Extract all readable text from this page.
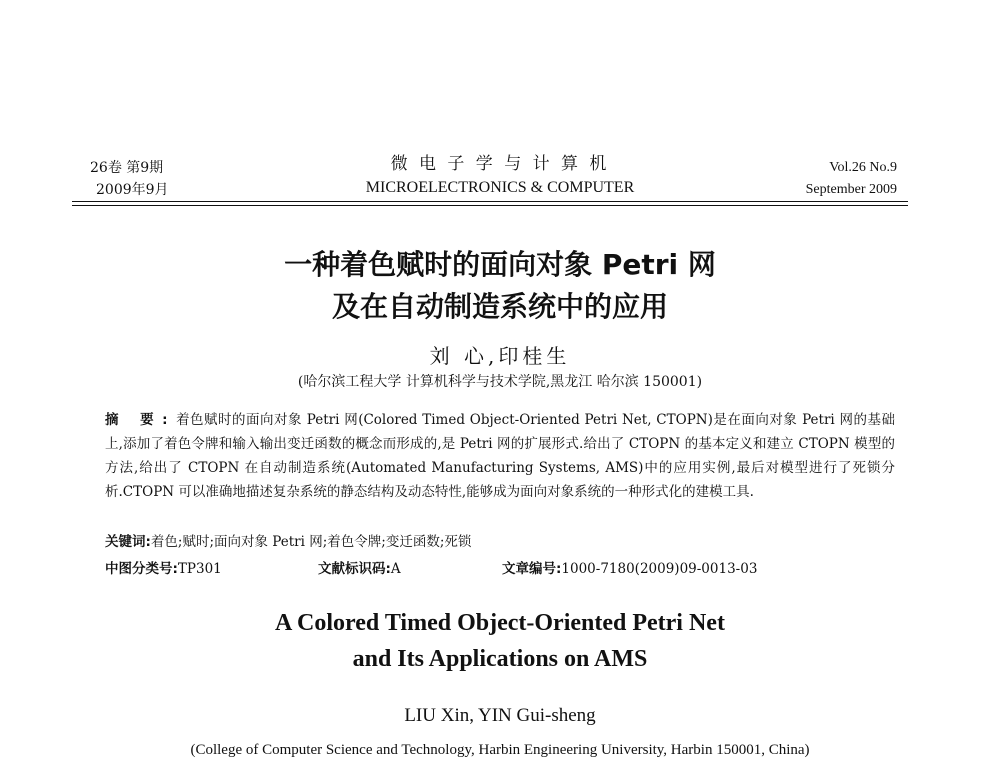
26卷 第9期
2009年9月
微 电 子 学 与 计 算 机
MICROELECTRONICS & COMPUTER
Vol.26 No.9
September 2009
一种着色赋时的面向对象 Petri 网
及在自动制造系统中的应用
刘 心,印桂生
(哈尔滨工程大学 计算机科学与技术学院,黑龙江 哈尔滨 150001)
摘 要:着色赋时的面向对象 Petri 网(Colored Timed Object-Oriented Petri Net, CTOPN)是在面向对象 Petri 网的基础上,添加了着色令牌和输入输出变迁函数的概念而形成的,是 Petri 网的扩展形式.给出了 CTOPN 的基本定义和建立 CTOPN 模型的方法,给出了 CTOPN 在自动制造系统(Automated Manufacturing Systems, AMS)中的应用实例,最后对模型进行了死锁分析.CTOPN 可以准确地描述复杂系统的静态结构及动态特性,能够成为面向对象系统的一种形式化的建模工具.
关键词:着色;赋时;面向对象 Petri 网;着色令牌;变迁函数;死锁
中图分类号:TP301	文献标识码:A	文章编号:1000-7180(2009)09-0013-03
A Colored Timed Object-Oriented Petri Net
and Its Applications on AMS
LIU Xin, YIN Gui-sheng
(College of Computer Science and Technology, Harbin Engineering University, Harbin 150001, China)
